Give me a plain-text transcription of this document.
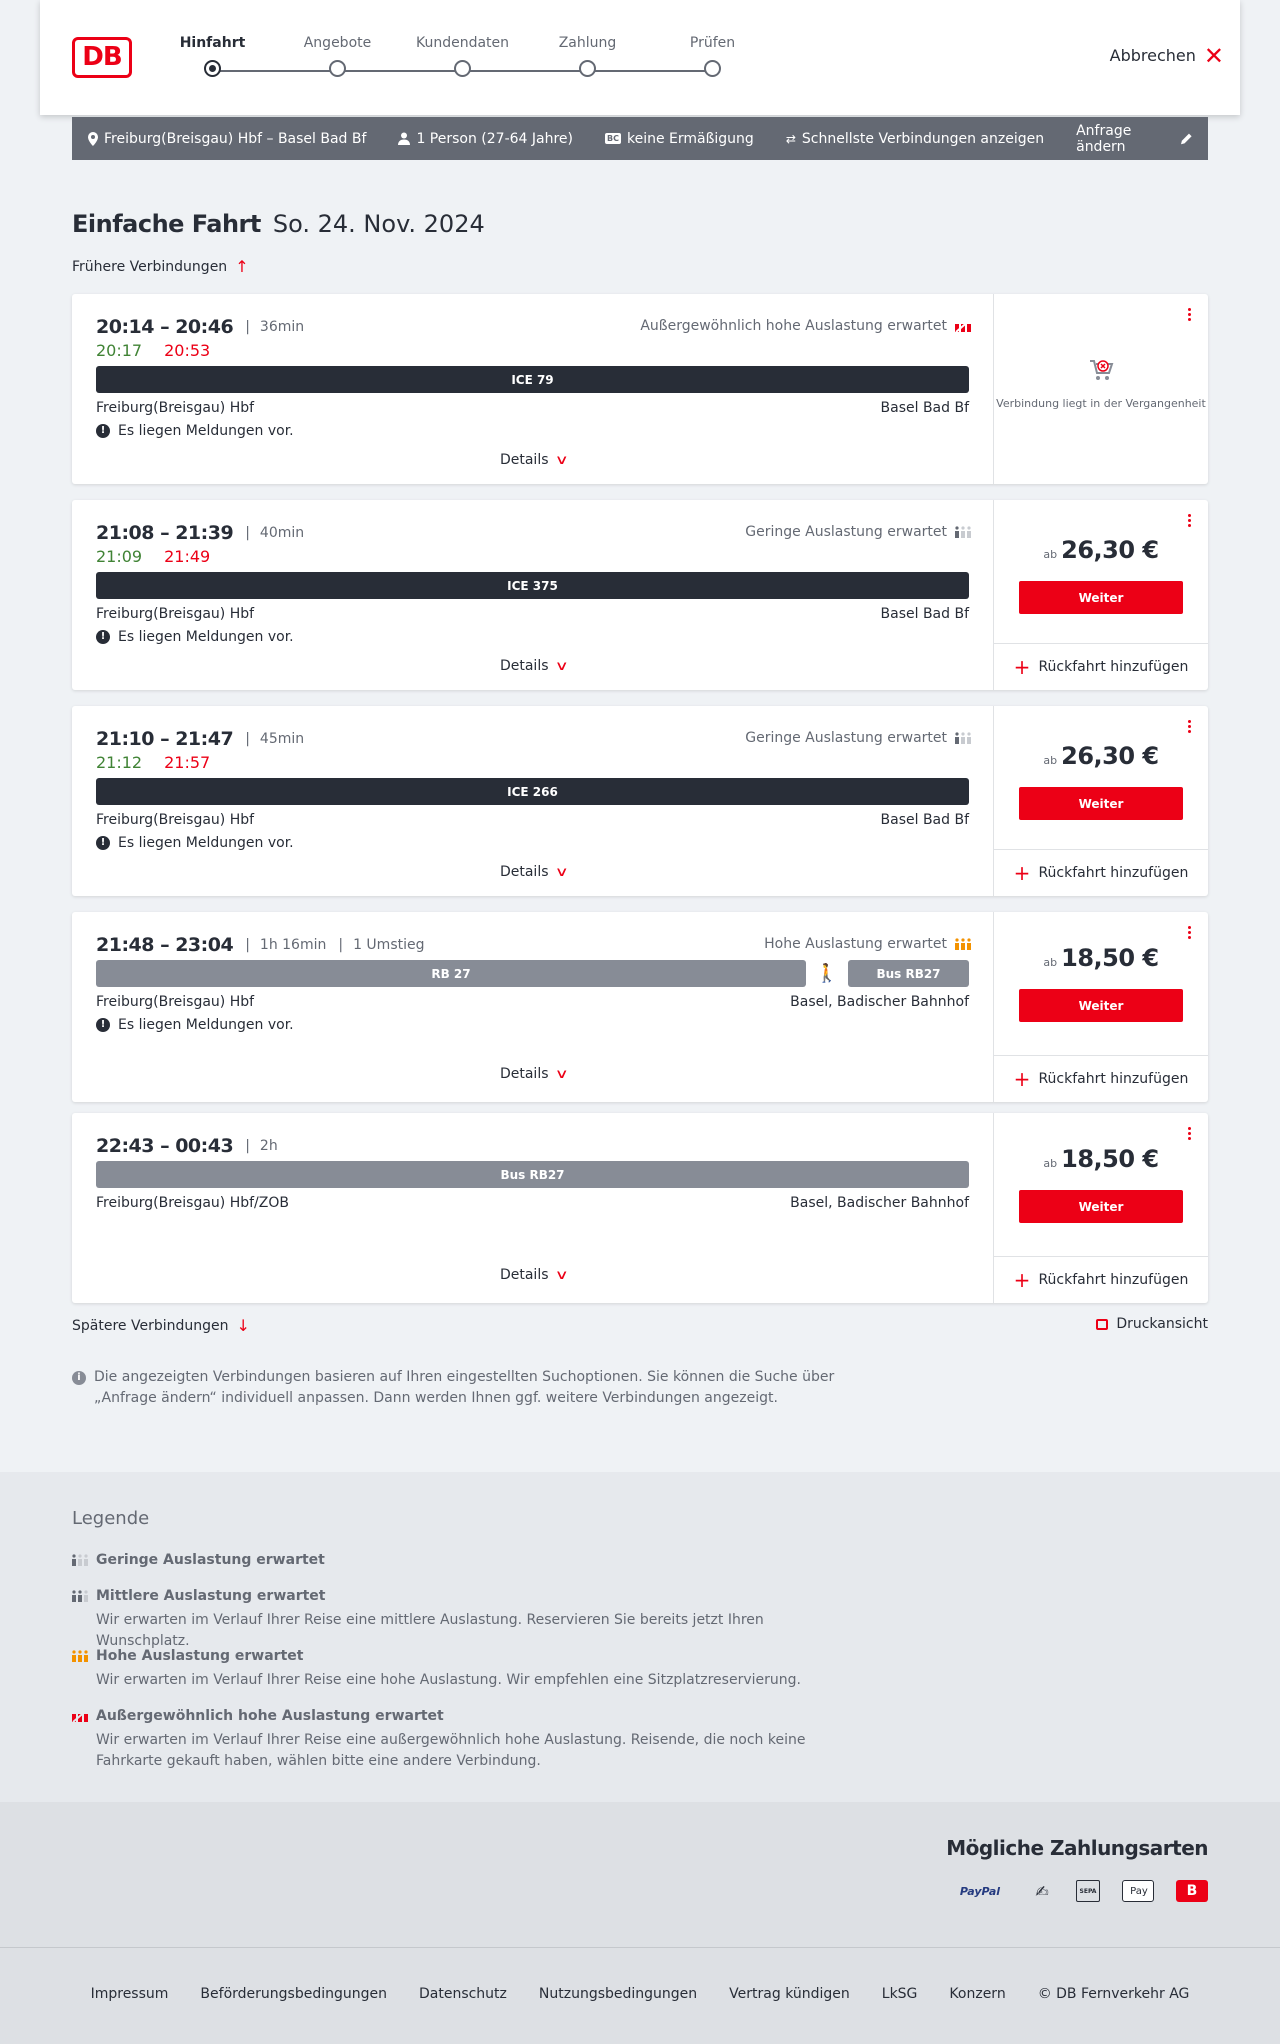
DB	Hinfahrt	Angebote	Kundendaten	Zahlung	Prüfen
Abbrechen ✕
Freiburg(Breisgau) Hbf – Basel Bad Bf	1 Person (27-64 Jahre)	BC keine Ermäßigung	⇄ Schnellste Verbindungen anzeigen Anfrage ändern
Einfache Fahrt So. 24. Nov. 2024
Frühere Verbindungen ↑
20:14 – 20:46 | 36min	Außergewöhnlich hohe Auslastung erwartet
20:17 20:53
ICE 79
Freiburg(Breisgau) Hbf	Basel Bad Bf
! Es liegen Meldungen vor.
Details ∨
Verbindung liegt in der Vergangenheit
21:08 – 21:39 | 40min	Geringe Auslastung erwartet
21:09 21:49
ICE 375
Freiburg(Breisgau) Hbf	Basel Bad Bf
! Es liegen Meldungen vor.
Details ∨
ab 26,30 €
Weiter
+ Rückfahrt hinzufügen
21:10 – 21:47 | 45min	Geringe Auslastung erwartet
21:12 21:57
ICE 266
Freiburg(Breisgau) Hbf	Basel Bad Bf
! Es liegen Meldungen vor.
Details ∨
ab 26,30 €
Weiter
+ Rückfahrt hinzufügen
21:48 – 23:04 | 1h 16min | 1 Umstieg	Hohe Auslastung erwartet
RB 27	🚶	Bus RB27
Freiburg(Breisgau) Hbf	Basel, Badischer Bahnhof
! Es liegen Meldungen vor.
Details ∨
ab 18,50 €
Weiter
+ Rückfahrt hinzufügen
22:43 – 00:43 | 2h
Bus RB27
Freiburg(Breisgau) Hbf/ZOB	Basel, Badischer Bahnhof
Details ∨
ab 18,50 €
Weiter
+ Rückfahrt hinzufügen
Spätere Verbindungen ↓	Druckansicht
i Die angezeigten Verbindungen basieren auf Ihren eingestellten Suchoptionen. Sie können die Suche über „Anfrage ändern“ individuell anpassen. Dann werden Ihnen ggf. weitere Verbindungen angezeigt.
Legende
Geringe Auslastung erwartet
Mittlere Auslastung erwartet
Wir erwarten im Verlauf Ihrer Reise eine mittlere Auslastung. Reservieren Sie bereits jetzt Ihren Wunschplatz.
Hohe Auslastung erwartet
Wir erwarten im Verlauf Ihrer Reise eine hohe Auslastung. Wir empfehlen eine Sitzplatzreservierung.
Außergewöhnlich hohe Auslastung erwartet
Wir erwarten im Verlauf Ihrer Reise eine außergewöhnlich hohe Auslastung. Reisende, die noch keine Fahrkarte gekauft haben, wählen bitte eine andere Verbindung.
Mögliche Zahlungsarten
PayPal	✍	SEPA	Pay	B
Impressum Beförderungsbedingungen Datenschutz Nutzungsbedingungen Vertrag kündigen LkSG Konzern © DB Fernverkehr AG
